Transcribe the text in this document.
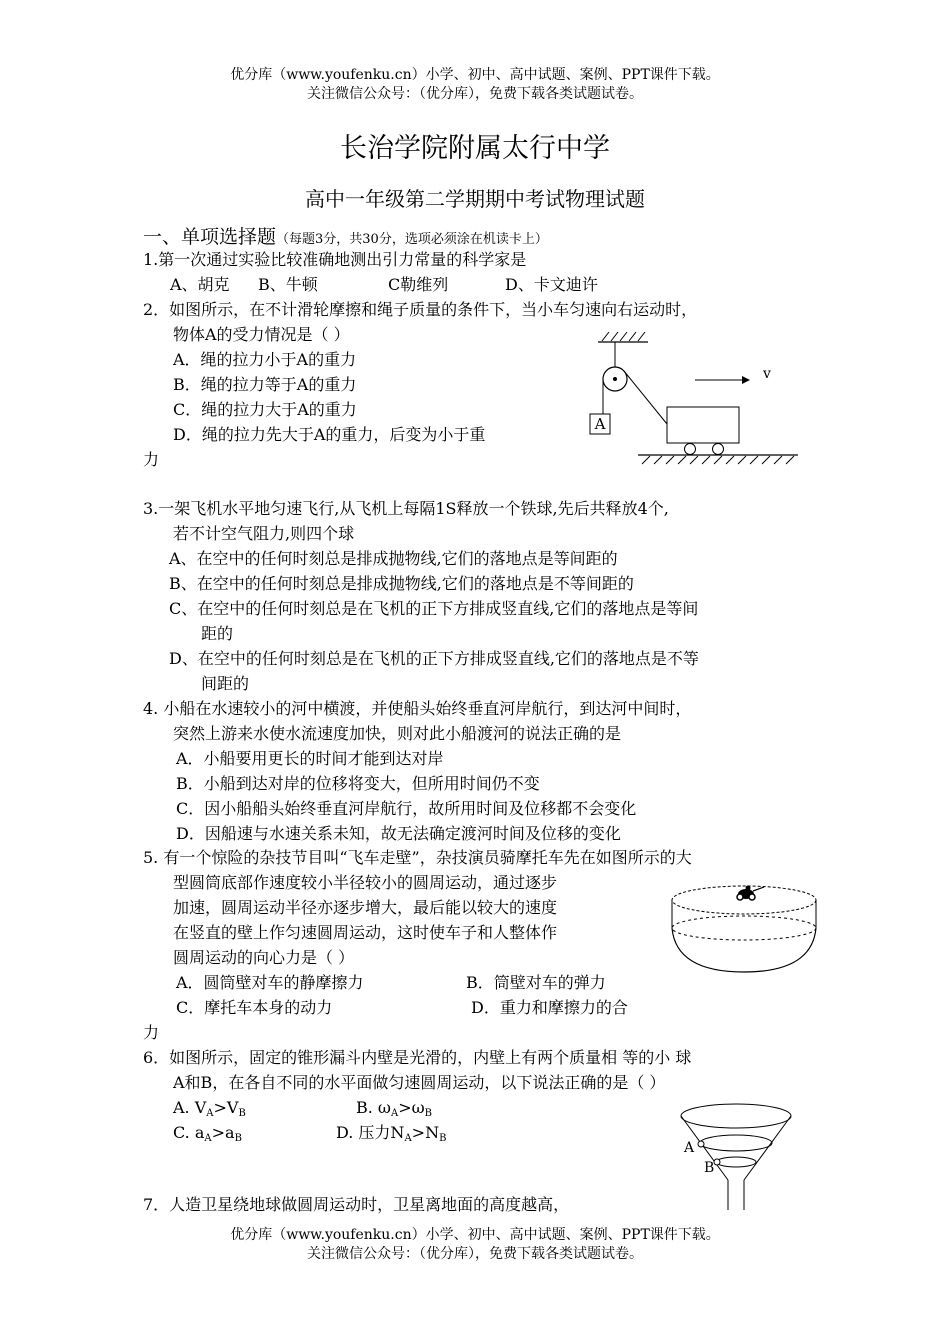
优分库（www.youfenku.cn）小学、初中、高中试题、案例、PPT课件下载。
关注微信公众号：（优分库），免费下载各类试题试卷。
长治学院附属太行中学
高中一年级第二学期期中考试物理试题
一、单项选择题（每题3分，共30分，选项必须涂在机读卡上）
1.第一次通过实验比较准确地测出引力常量的科学家是
A、胡克 B、牛顿	C勒维列	D、卡文迪许
2．如图所示，在不计滑轮摩擦和绳子质量的条件下，当小车匀速向右运动时，
物体A的受力情况是（ ）
A．绳的拉力小于A的重力
B．绳的拉力等于A的重力
C．绳的拉力大于A的重力
D．绳的拉力先大于A的重力，后变为小于重
力
A
v
3.一架飞机水平地匀速飞行,从飞机上每隔1S释放一个铁球,先后共释放4个,
若不计空气阻力,则四个球
A、在空中的任何时刻总是排成抛物线,它们的落地点是等间距的
B、在空中的任何时刻总是排成抛物线,它们的落地点是不等间距的
C、在空中的任何时刻总是在飞机的正下方排成竖直线,它们的落地点是等间
距的
D、在空中的任何时刻总是在飞机的正下方排成竖直线,它们的落地点是不等
间距的
4. 小船在水速较小的河中横渡，并使船头始终垂直河岸航行，到达河中间时，
突然上游来水使水流速度加快，则对此小船渡河的说法正确的是
A．小船要用更长的时间才能到达对岸
B．小船到达对岸的位移将变大，但所用时间仍不变
C．因小船船头始终垂直河岸航行，故所用时间及位移都不会变化
D．因船速与水速关系未知，故无法确定渡河时间及位移的变化
5. 有一个惊险的杂技节目叫“飞车走壁”，杂技演员骑摩托车先在如图所示的大
型圆筒底部作速度较小半径较小的圆周运动，通过逐步
加速，圆周运动半径亦逐步增大，最后能以较大的速度
在竖直的壁上作匀速圆周运动，这时使车子和人整体作
圆周运动的向心力是（ ）
A．圆筒壁对车的静摩擦力	B．筒壁对车的弹力
C．摩托车本身的动力	D．重力和摩擦力的合
力
6．如图所示，固定的锥形漏斗内壁是光滑的，内壁上有两个质量相 等的小 球
A和B，在各自不同的水平面做匀速圆周运动，以下说法正确的是（ ）
A. $V_A>V_B$	B. $\omega_A>\omega_B$
C. $a_A>a_B$	D. 压力$N_A>N_B$
A
B
7．人造卫星绕地球做圆周运动时，卫星离地面的高度越高，
优分库（www.youfenku.cn）小学、初中、高中试题、案例、PPT课件下载。
关注微信公众号：（优分库），免费下载各类试题试卷。
